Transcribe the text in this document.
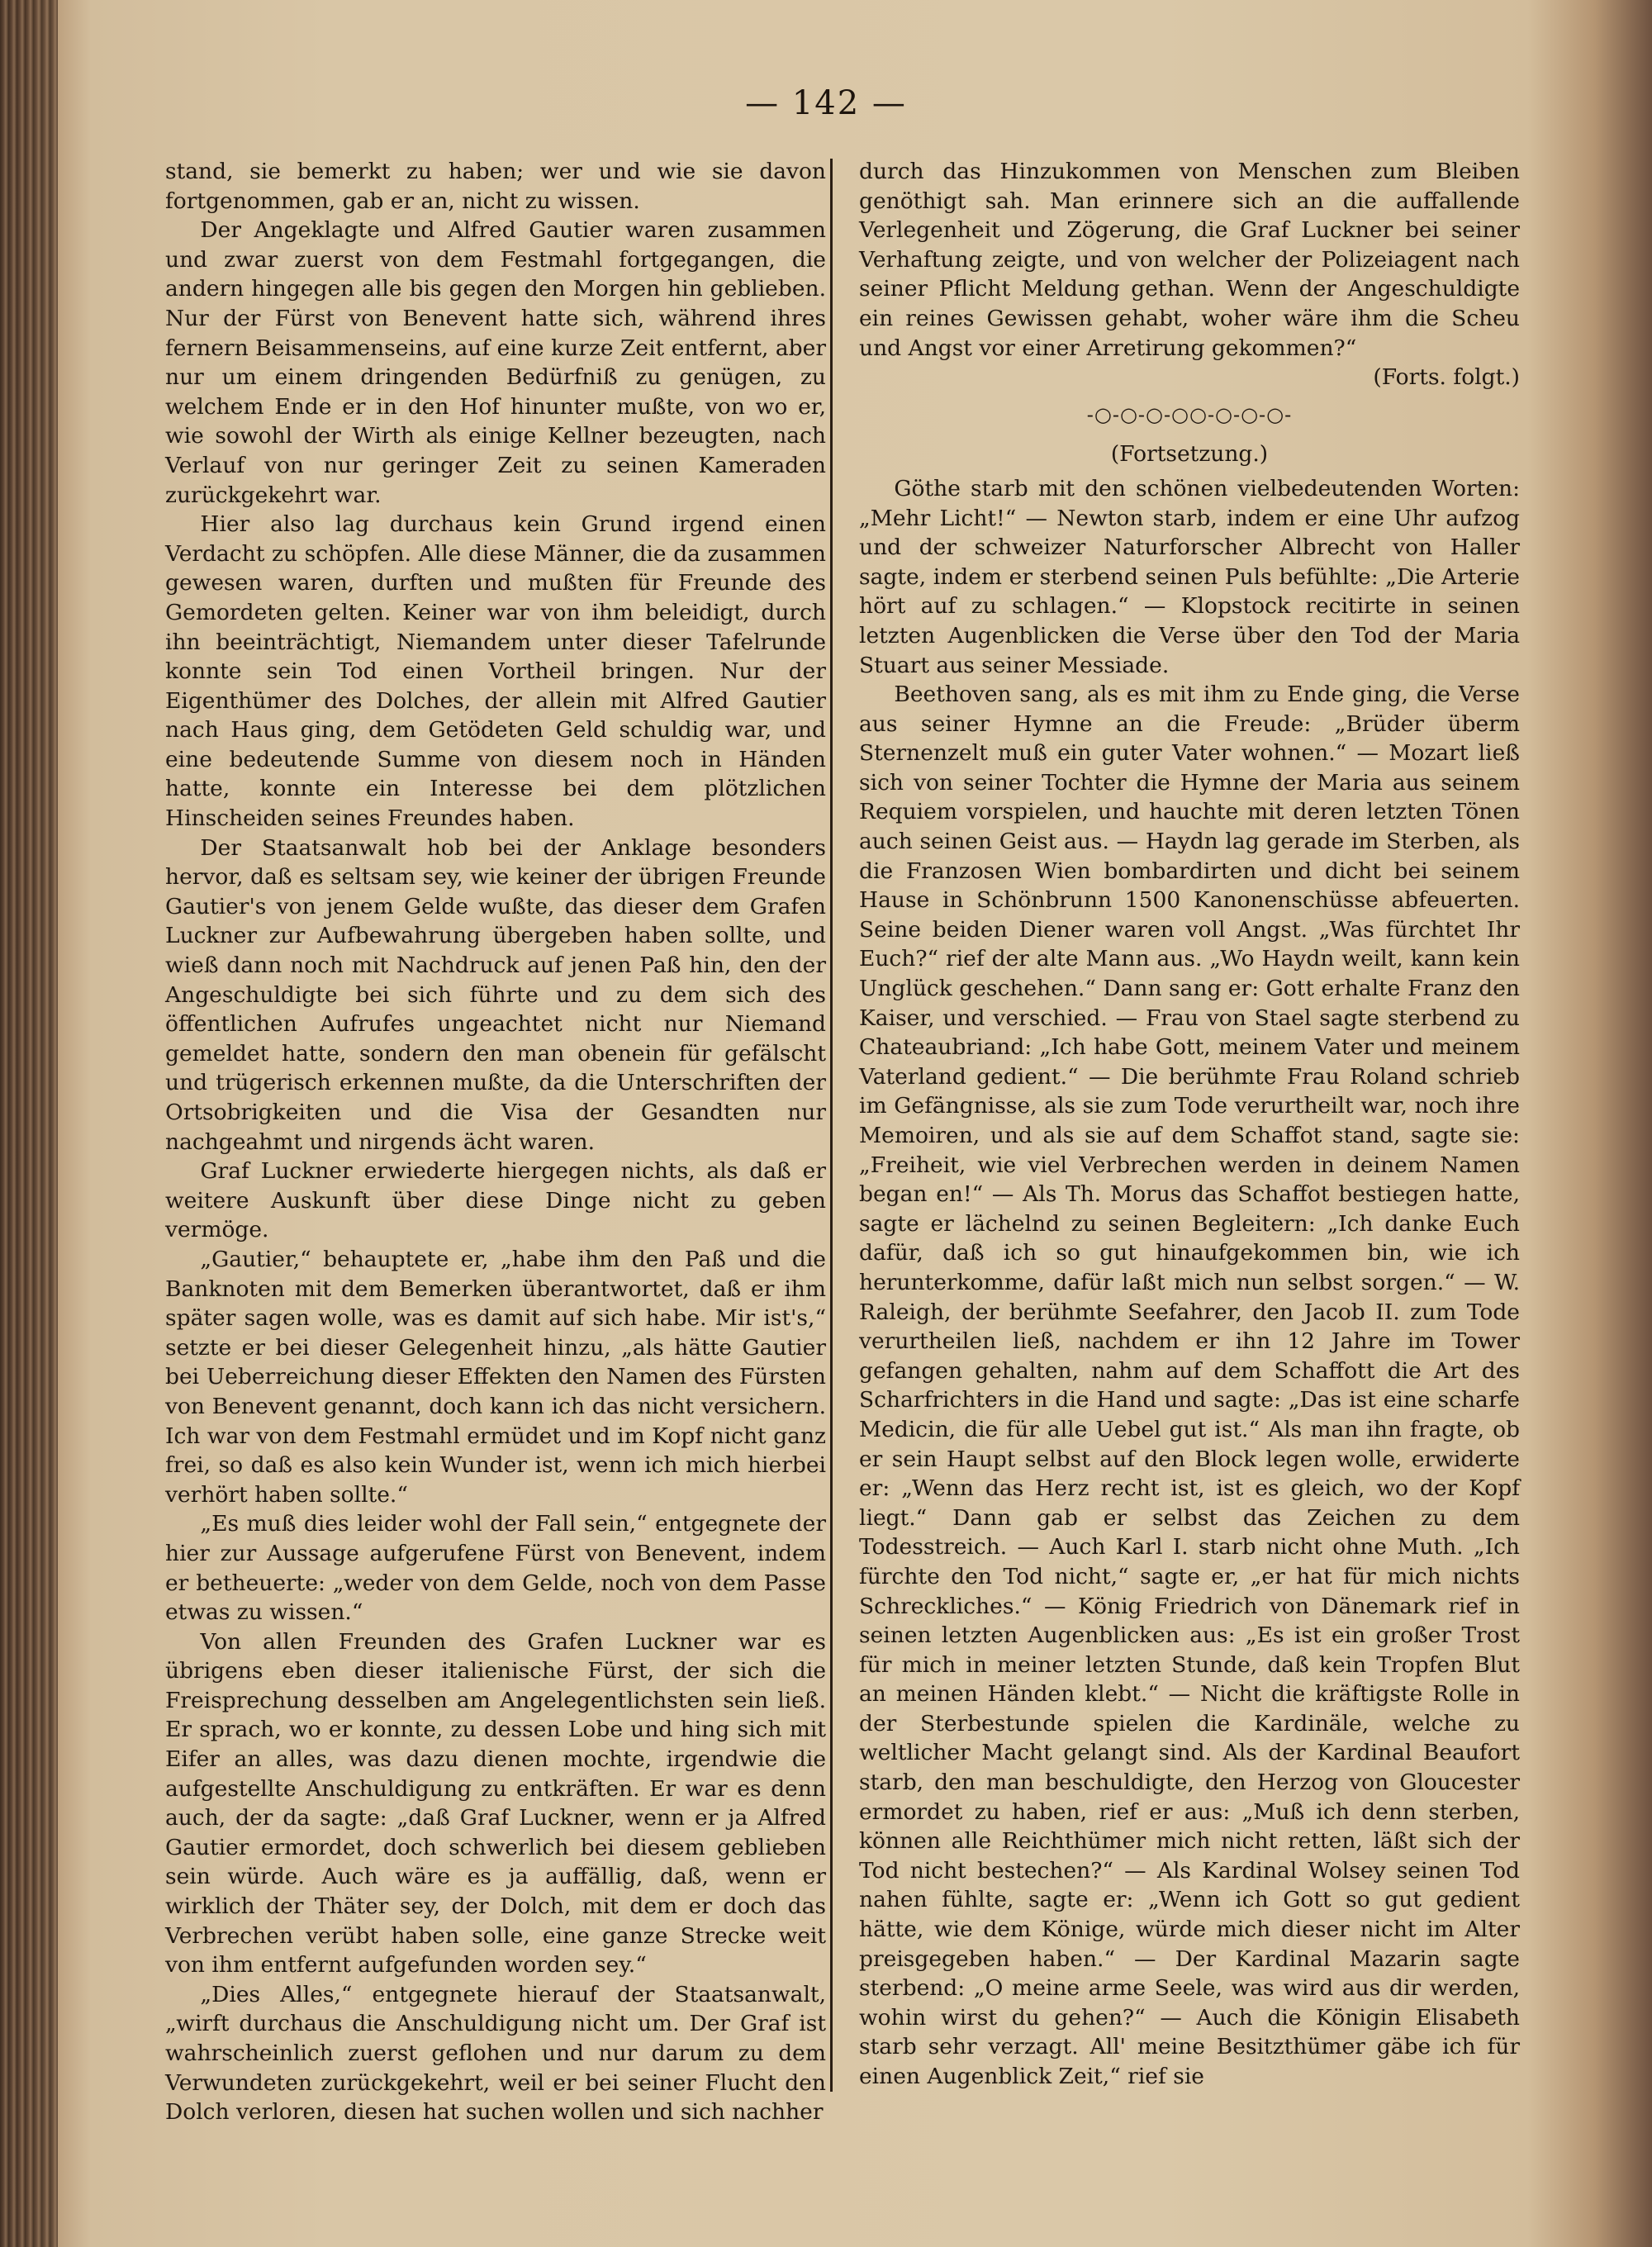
— 142 —

stand, sie bemerkt zu haben; wer und wie sie davon fortgenommen, gab er an, nicht zu wissen.

Der Angeklagte und Alfred Gautier waren zusammen und zwar zuerst von dem Festmahl fortgegangen, die andern hingegen alle bis gegen den Morgen hin geblieben. Nur der Fürst von Benevent hatte sich, während ihres fernern Beisammenseins, auf eine kurze Zeit entfernt, aber nur um einem dringenden Bedürfniß zu genügen, zu welchem Ende er in den Hof hinunter mußte, von wo er, wie sowohl der Wirth als einige Kellner bezeugten, nach Verlauf von nur geringer Zeit zu seinen Kameraden zurückgekehrt war.

Hier also lag durchaus kein Grund irgend einen Verdacht zu schöpfen. Alle diese Männer, die da zusammen gewesen waren, durften und mußten für Freunde des Gemordeten gelten. Keiner war von ihm beleidigt, durch ihn beeinträchtigt, Niemandem unter dieser Tafelrunde konnte sein Tod einen Vortheil bringen. Nur der Eigenthümer des Dolches, der allein mit Alfred Gautier nach Haus ging, dem Getödeten Geld schuldig war, und eine bedeutende Summe von diesem noch in Händen hatte, konnte ein Interesse bei dem plötzlichen Hinscheiden seines Freundes haben.

Der Staatsanwalt hob bei der Anklage besonders hervor, daß es seltsam sey, wie keiner der übrigen Freunde Gautier's von jenem Gelde wußte, das dieser dem Grafen Luckner zur Aufbewahrung übergeben haben sollte, und wieß dann noch mit Nachdruck auf jenen Paß hin, den der Angeschuldigte bei sich führte und zu dem sich des öffentlichen Aufrufes ungeachtet nicht nur Niemand gemeldet hatte, sondern den man obenein für gefälscht und trügerisch erkennen mußte, da die Unterschriften der Ortsobrigkeiten und die Visa der Gesandten nur nachgeahmt und nirgends ächt waren.

Graf Luckner erwiederte hiergegen nichts, als daß er weitere Auskunft über diese Dinge nicht zu geben vermöge.

„Gautier,“ behauptete er, „habe ihm den Paß und die Banknoten mit dem Bemerken überantwortet, daß er ihm später sagen wolle, was es damit auf sich habe. Mir ist's,“ setzte er bei dieser Gelegenheit hinzu, „als hätte Gautier bei Ueberreichung dieser Effekten den Namen des Fürsten von Benevent genannt, doch kann ich das nicht versichern. Ich war von dem Festmahl ermüdet und im Kopf nicht ganz frei, so daß es also kein Wunder ist, wenn ich mich hierbei verhört haben sollte.“

„Es muß dies leider wohl der Fall sein,“ entgegnete der hier zur Aussage aufgerufene Fürst von Benevent, indem er betheuerte: „weder von dem Gelde, noch von dem Passe etwas zu wissen.“

Von allen Freunden des Grafen Luckner war es übrigens eben dieser italienische Fürst, der sich die Freisprechung desselben am Angelegentlichsten sein ließ. Er sprach, wo er konnte, zu dessen Lobe und hing sich mit Eifer an alles, was dazu dienen mochte, irgendwie die aufgestellte Anschuldigung zu entkräften. Er war es denn auch, der da sagte: „daß Graf Luckner, wenn er ja Alfred Gautier ermordet, doch schwerlich bei diesem geblieben sein würde. Auch wäre es ja auffällig, daß, wenn er wirklich der Thäter sey, der Dolch, mit dem er doch das Verbrechen verübt haben solle, eine ganze Strecke weit von ihm entfernt aufgefunden worden sey.“

„Dies Alles,“ entgegnete hierauf der Staatsanwalt, „wirft durchaus die Anschuldigung nicht um. Der Graf ist wahrscheinlich zuerst geflohen und nur darum zu dem Verwundeten zurückgekehrt, weil er bei seiner Flucht den Dolch verloren, diesen hat suchen wollen und sich nachher

durch das Hinzukommen von Menschen zum Bleiben genöthigt sah. Man erinnere sich an die auffallende Verlegenheit und Zögerung, die Graf Luckner bei seiner Verhaftung zeigte, und von welcher der Polizeiagent nach seiner Pflicht Meldung gethan. Wenn der Angeschuldigte ein reines Gewissen gehabt, woher wäre ihm die Scheu und Angst vor einer Arretirung gekommen?“

(Forts. folgt.)

-○-○-○-○○-○-○-○-
(Fortsetzung.)

Göthe starb mit den schönen vielbedeutenden Worten: „Mehr Licht!“ — Newton starb, indem er eine Uhr aufzog und der schweizer Naturforscher Albrecht von Haller sagte, indem er sterbend seinen Puls befühlte: „Die Arterie hört auf zu schlagen.“ — Klopstock recitirte in seinen letzten Augenblicken die Verse über den Tod der Maria Stuart aus seiner Messiade.

Beethoven sang, als es mit ihm zu Ende ging, die Verse aus seiner Hymne an die Freude: „Brüder überm Sternenzelt muß ein guter Vater wohnen.“ — Mozart ließ sich von seiner Tochter die Hymne der Maria aus seinem Requiem vorspielen, und hauchte mit deren letzten Tönen auch seinen Geist aus. — Haydn lag gerade im Sterben, als die Franzosen Wien bombardirten und dicht bei seinem Hause in Schönbrunn 1500 Kanonenschüsse abfeuerten. Seine beiden Diener waren voll Angst. „Was fürchtet Ihr Euch?“ rief der alte Mann aus. „Wo Haydn weilt, kann kein Unglück geschehen.“ Dann sang er: Gott erhalte Franz den Kaiser, und verschied. — Frau von Stael sagte sterbend zu Chateaubriand: „Ich habe Gott, meinem Vater und meinem Vaterland gedient.“ — Die berühmte Frau Roland schrieb im Gefängnisse, als sie zum Tode verurtheilt war, noch ihre Memoiren, und als sie auf dem Schaffot stand, sagte sie: „Freiheit, wie viel Verbrechen werden in deinem Namen began en!“ — Als Th. Morus das Schaffot bestiegen hatte, sagte er lächelnd zu seinen Begleitern: „Ich danke Euch dafür, daß ich so gut hinaufgekommen bin, wie ich herunterkomme, dafür laßt mich nun selbst sorgen.“ — W. Raleigh, der berühmte Seefahrer, den Jacob II. zum Tode verurtheilen ließ, nachdem er ihn 12 Jahre im Tower gefangen gehalten, nahm auf dem Schaffott die Art des Scharfrichters in die Hand und sagte: „Das ist eine scharfe Medicin, die für alle Uebel gut ist.“ Als man ihn fragte, ob er sein Haupt selbst auf den Block legen wolle, erwiderte er: „Wenn das Herz recht ist, ist es gleich, wo der Kopf liegt.“ Dann gab er selbst das Zeichen zu dem Todesstreich. — Auch Karl I. starb nicht ohne Muth. „Ich fürchte den Tod nicht,“ sagte er, „er hat für mich nichts Schreckliches.“ — König Friedrich von Dänemark rief in seinen letzten Augenblicken aus: „Es ist ein großer Trost für mich in meiner letzten Stunde, daß kein Tropfen Blut an meinen Händen klebt.“ — Nicht die kräftigste Rolle in der Sterbestunde spielen die Kardinäle, welche zu weltlicher Macht gelangt sind. Als der Kardinal Beaufort starb, den man beschuldigte, den Herzog von Gloucester ermordet zu haben, rief er aus: „Muß ich denn sterben, können alle Reichthümer mich nicht retten, läßt sich der Tod nicht bestechen?“ — Als Kardinal Wolsey seinen Tod nahen fühlte, sagte er: „Wenn ich Gott so gut gedient hätte, wie dem Könige, würde mich dieser nicht im Alter preisgegeben haben.“ — Der Kardinal Mazarin sagte sterbend: „O meine arme Seele, was wird aus dir werden, wohin wirst du gehen?“ — Auch die Königin Elisabeth starb sehr verzagt. All' meine Besitzthümer gäbe ich für einen Augenblick Zeit,“ rief sie
